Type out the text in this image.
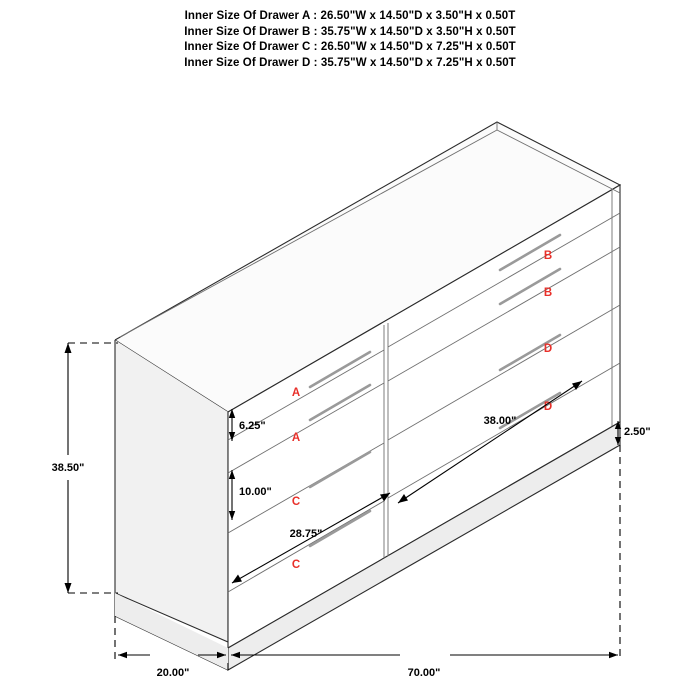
Inner Size Of Drawer A : 26.50"W x 14.50"D x 3.50"H x 0.50T
Inner Size Of Drawer B : 35.75"W x 14.50"D x 3.50"H x 0.50T
Inner Size Of Drawer C : 26.50"W x 14.50"D x 7.25"H x 0.50T
Inner Size Of Drawer D : 35.75"W x 14.50"D x 7.25"H x 0.50T
B
B
D
D
A
A
C
C
38.50"
6.25"
10.00"
38.00"
28.75"
2.50"
20.00"	70.00"
